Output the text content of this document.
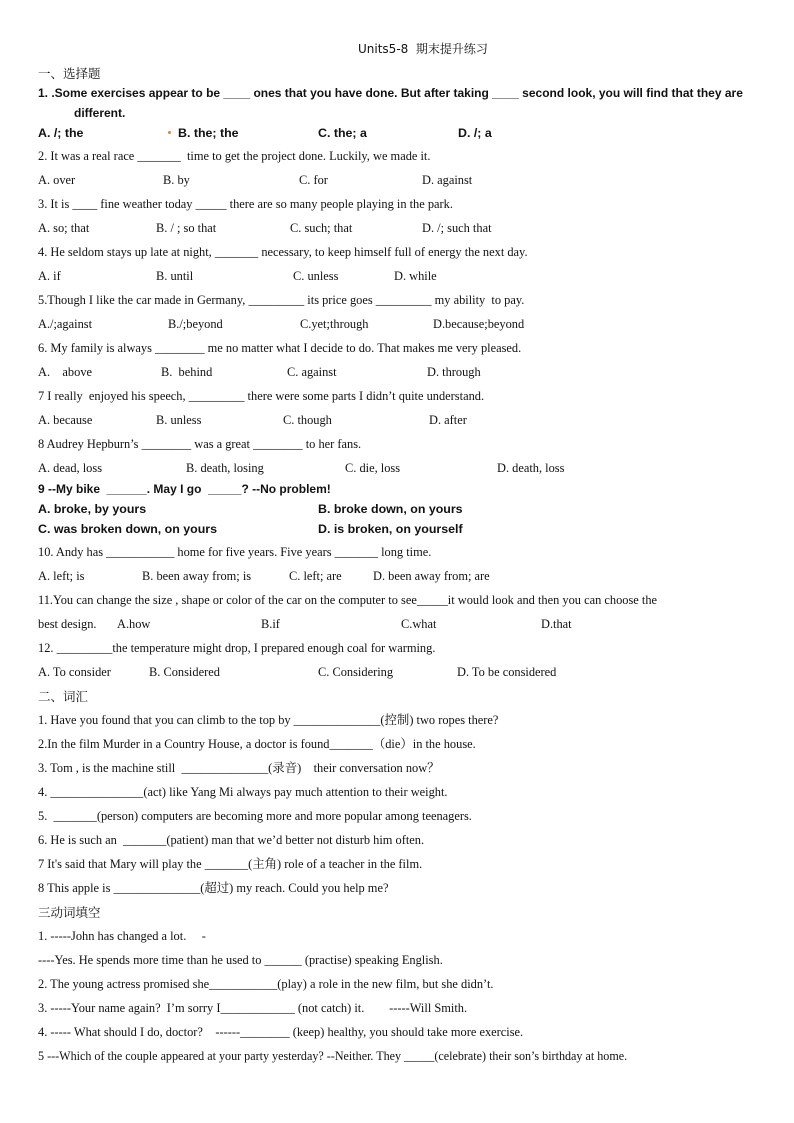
Units5-8  期末提升练习
一、选择题
1. .Some exercises appear to be ____ ones that you have done. But after taking ____ second look, you will find that they are
different.
A. /; the	B. the; the	C. the; a	D. /; a
2. It was a real race _______  time to get the project done. Luckily, we made it.
A. over	B. by	C. for	D. against
3. It is ____ fine weather today _____ there are so many people playing in the park.
A. so; that	B. / ; so that	C. such; that	D. /; such that
4. He seldom stays up late at night, _______ necessary, to keep himself full of energy the next day.
A. if	B. until	C. unless	D. while
5.Though I like the car made in Germany, _________ its price goes _________ my ability  to pay.
A./;against	B./;beyond	C.yet;through	D.because;beyond
6. My family is always ________ me no matter what I decide to do. That makes me very pleased.
A.    above	B.  behind	C. against	D. through
7 I really  enjoyed his speech, _________ there were some parts I didn’t quite understand.
A. because	B. unless	C. though	D. after
8 Audrey Hepburn’s ________ was a great ________ to her fans.
A. dead, loss	B. death, losing	C. die, loss	D. death, loss
9 --My bike  ______. May I go  _____? --No problem!
A. broke, by yours	B. broke down, on yours
C. was broken down, on yours	D. is broken, on yourself
10. Andy has ___________ home for five years. Five years _______ long time.
A. left; is	B. been away from; is	C. left; are	D. been away from; are
11.You can change the size , shape or color of the car on the computer to see_____it would look and then you can choose the
best design. A.how	B.if	C.what	D.that
12. _________the temperature might drop, I prepared enough coal for warming.
A. To consider	B. Considered	C. Considering	D. To be considered
二、词汇
1. Have you found that you can climb to the top by ______________(控制) two ropes there?
2.In the film Murder in a Country House, a doctor is found_______（die）in the house.
3. Tom , is the machine still  ______________(录音)    their conversation now？
4. _______________(act) like Yang Mi always pay much attention to their weight.
5.  _______(person) computers are becoming more and more popular among teenagers.
6. He is such an  _______(patient) man that we’d better not disturb him often.
7 It's said that Mary will play the _______(主角) role of a teacher in the film.
8 This apple is ______________(超过) my reach. Could you help me?
三动词填空
1. -----John has changed a lot.     -
----Yes. He spends more time than he used to ______ (practise) speaking English.
2. The young actress promised she___________(play) a role in the new film, but she didn’t.
3. -----Your name again?  I’m sorry I____________ (not catch) it.        -----Will Smith.
4. ----- What should I do, doctor?    ------________ (keep) healthy, you should take more exercise.
5 ---Which of the couple appeared at your party yesterday? --Neither. They _____(celebrate) their son’s birthday at home.
